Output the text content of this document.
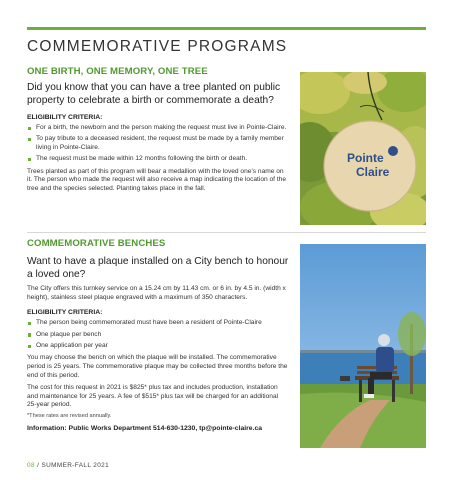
COMMEMORATIVE PROGRAMS
ONE BIRTH, ONE MEMORY, ONE TREE

Did you know that you can have a tree planted on public property to celebrate a birth or commemorate a death?

ELIGIBILITY CRITERIA:

For a birth, the newborn and the person making the request must live in Pointe-Claire.
To pay tribute to a deceased resident, the request must be made by a family member living in Pointe-Claire.
The request must be made within 12 months following the birth or death.

Trees planted as part of this program will bear a medallion with the loved one’s name on it. The person who made the request will also receive a map indicating the location of the tree and the species selected. Planting takes place in the fall.

Pointe
Claire
COMMEMORATIVE BENCHES

Want to have a plaque installed on a City bench to honour a loved one?

The City offers this turnkey service on a 15.24 cm by 11.43 cm. or 6 in. by 4.5 in. (width x height), stainless steel plaque engraved with a maximum of 350 characters.

ELIGIBILITY CRITERIA:

The person being commemorated must have been a resident of Pointe-Claire
One plaque per bench
One application per year

You may choose the bench on which the plaque will be installed. The commemorative period is 25 years. The commemorative plaque may be collected three months before the end of this period.

The cost for this request in 2021 is $825* plus tax and includes production, installation and maintenance for 25 years. A fee of $515* plus tax will be charged for an additional 25-year period.

*These rates are revised annually.

Information: Public Works Department 514-630-1230, tp@pointe-claire.ca

08 / SUMMER-FALL 2021
